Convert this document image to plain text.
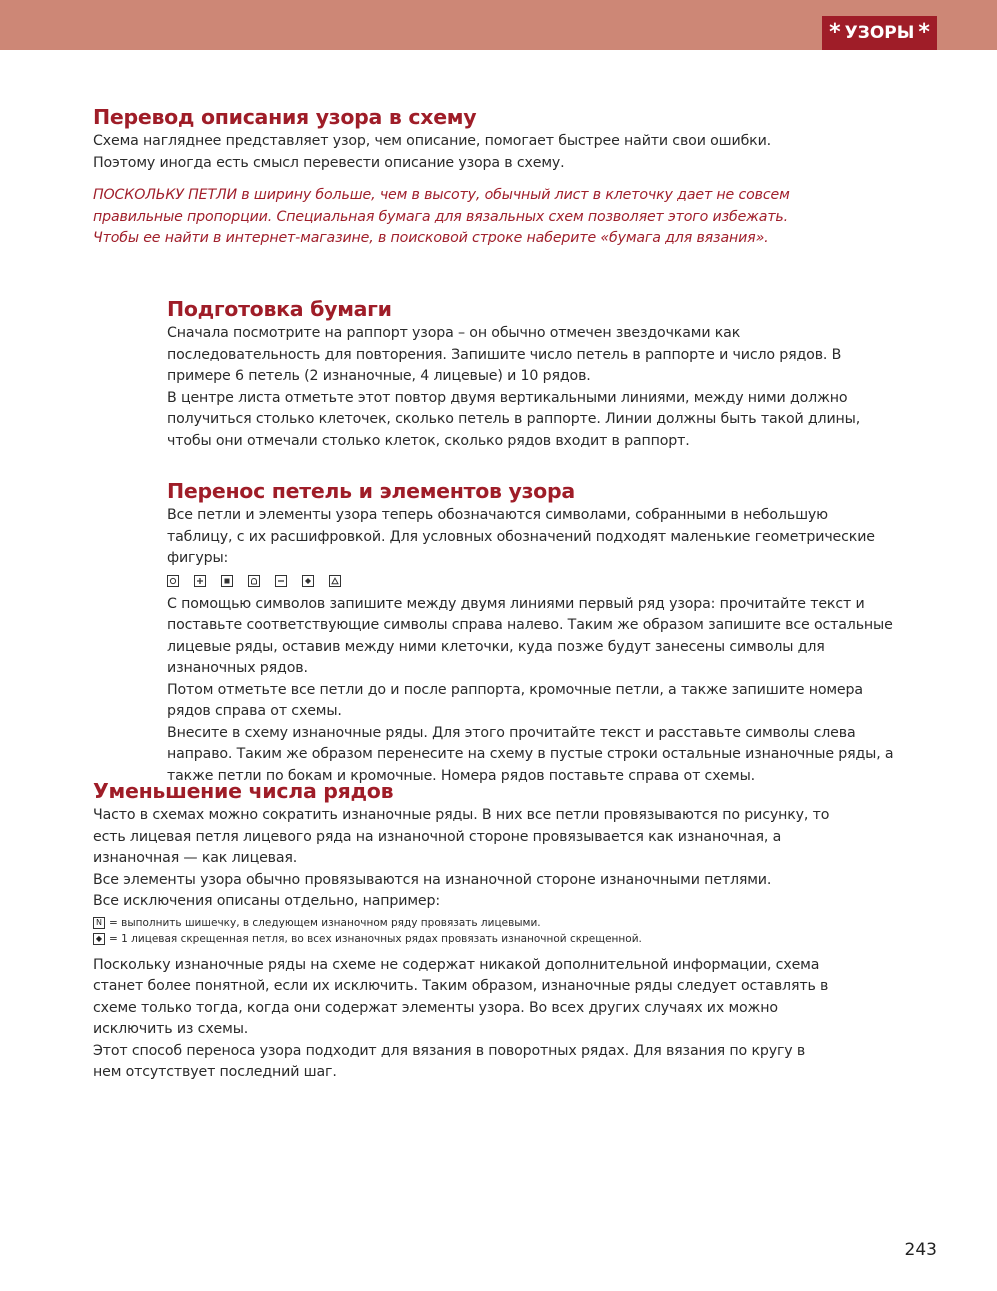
* УЗОРЫ *
Перевод описания узора в схему

Схема нагляднее представляет узор, чем описание, помогает быстрее найти свои ошибки. Поэтому иногда есть смысл перевести описание узора в схему.

ПОСКОЛЬКУ ПЕТЛИ в ширину больше, чем в высоту, обычный лист в клеточку дает не совсем правильные пропорции. Специальная бумага для вязальных схем позволяет этого избежать. Чтобы ее найти в интернет-магазине, в поисковой строке наберите «бумага для вязания».

Подготовка бумаги

Сначала посмотрите на раппорт узора – он обычно отмечен звездочками как последовательность для повторения. Запишите число петель в раппорте и число рядов. В примере 6 петель (2 изнаночные, 4 лицевые) и 10 рядов.

В центре листа отметьте этот повтор двумя вертикальными линиями, между ними должно получиться столько клеточек, сколько петель в раппорте. Линии должны быть такой длины, чтобы они отмечали столько клеток, сколько рядов входит в раппорт.

Перенос петель и элементов узора

Все петли и элементы узора теперь обозначаются символами, собранными в небольшую таблицу, с их расшифровкой. Для условных обозначений подходят маленькие геометрические фигуры:

С помощью символов запишите между двумя линиями первый ряд узора: прочитайте текст и поставьте соответствующие символы справа налево. Таким же образом запишите все остальные лицевые ряды, оставив между ними клеточки, куда позже будут занесены символы для изнаночных рядов.

Потом отметьте все петли до и после раппорта, кромочные петли, а также запишите номера рядов справа от схемы.

Внесите в схему изнаночные ряды. Для этого прочитайте текст и расставьте символы слева направо. Таким же образом перенесите на схему в пустые строки остальные изнаночные ряды, а также петли по бокам и кромочные. Номера рядов поставьте справа от схемы.

Уменьшение числа рядов

Часто в схемах можно сократить изнаночные ряды. В них все петли провязываются по рисунку, то есть лицевая петля лицевого ряда на изнаночной стороне провязывается как изнаночная, а изнаночная — как лицевая.

Все элементы узора обычно провязываются на изнаночной стороне изнаночными петлями.

Все исключения описаны отдельно, например:

N = выполнить шишечку, в следующем изнаночном ряду провязать лицевыми.
◆ = 1 лицевая скрещенная петля, во всех изнаночных рядах провязать изнаночной скрещенной.

Поскольку изнаночные ряды на схеме не содержат никакой дополнительной информации, схема станет более понятной, если их исключить. Таким образом, изнаночные ряды следует оставлять в схеме только тогда, когда они содержат элементы узора. Во всех других случаях их можно исключить из схемы.

Этот способ переноса узора подходит для вязания в поворотных рядах. Для вязания по кругу в нем отсутствует последний шаг.

243
